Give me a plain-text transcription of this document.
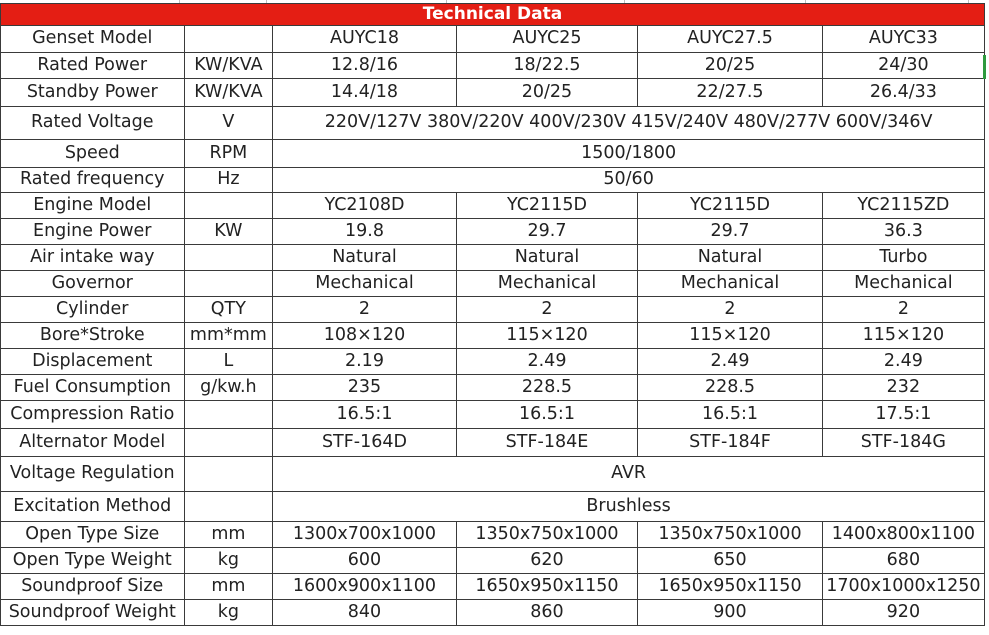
Technical Data					
Genset Model		AUYC18	AUYC25	AUYC27.5	AUYC33
Rated Power	KW/KVA	12.8/16	18/22.5	20/25	24/30
Standby Power	KW/KVA	14.4/18	20/25	22/27.5	26.4/33
Rated Voltage	V	220V/127V 380V/220V 400V/230V 415V/240V 480V/277V 600V/346V			
Speed	RPM	1500/1800			
Rated frequency	Hz	50/60			
Engine Model		YC2108D	YC2115D	YC2115D	YC2115ZD
Engine Power	KW	19.8	29.7	29.7	36.3
Air intake way		Natural	Natural	Natural	Turbo
Governor		Mechanical	Mechanical	Mechanical	Mechanical
Cylinder	QTY	2	2	2	2
Bore*Stroke	mm*mm	108×120	115×120	115×120	115×120
Displacement	L	2.19	2.49	2.49	2.49
Fuel Consumption	g/kw.h	235	228.5	228.5	232
Compression Ratio		16.5:1	16.5:1	16.5:1	17.5:1
Alternator Model		STF-164D	STF-184E	STF-184F	STF-184G
Voltage Regulation		AVR			
Excitation Method		Brushless			
Open Type Size	mm	1300x700x1000	1350x750x1000	1350x750x1000	1400x800x1100
Open Type Weight	kg	600	620	650	680
Soundproof Size	mm	1600x900x1100	1650x950x1150	1650x950x1150	1700x1000x1250
Soundproof Weight	kg	840	860	900	920
